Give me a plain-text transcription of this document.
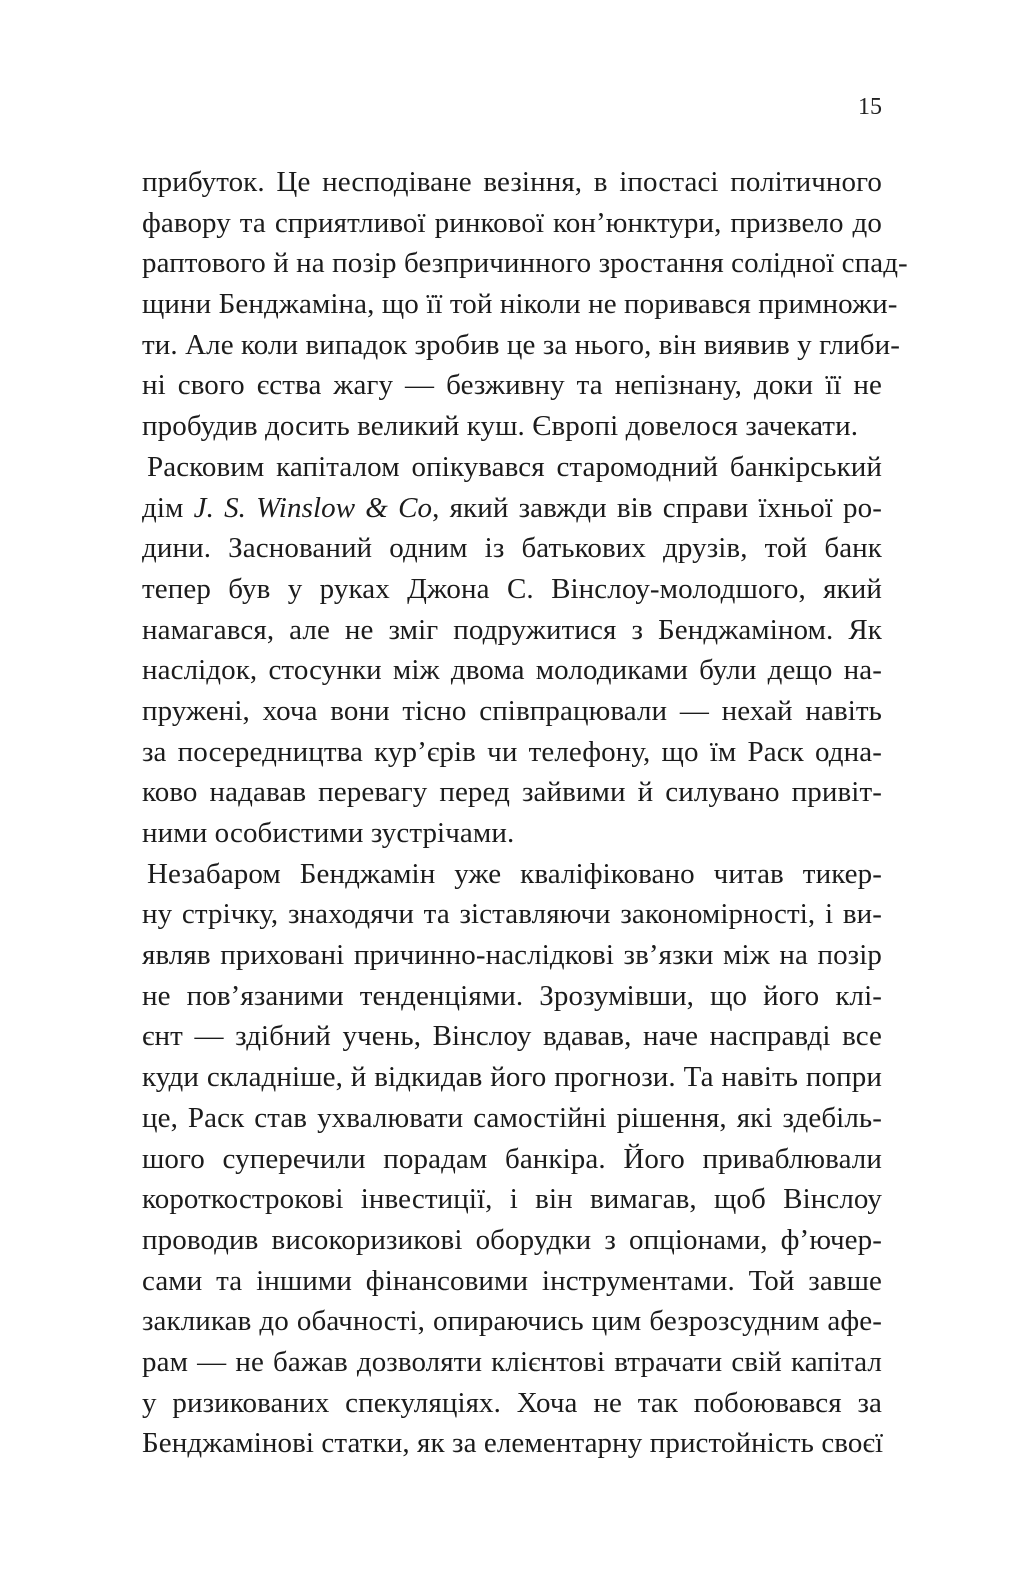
15
прибуток. Це несподіване везіння, в іпостасі політичного
фавору та сприятливої ринкової кон’юнктури, призвело до
раптового й на позір безпричинного зростання солідної спад-
щини Бенджаміна, що її той ніколи не поривався примножи-
ти. Але коли випадок зробив це за нього, він виявив у глиби-
ні свого єства жагу — безживну та непізнану, доки її не
пробудив досить великий куш. Європі довелося зачекати.
Расковим капіталом опікувався старомодний банкірський
дім J. S. Winslow & Co, який завжди вів справи їхньої ро-
дини. Заснований одним із батькових друзів, той банк
тепер був у руках Джона С. Вінслоу-молодшого, який
намагався, але не зміг подружитися з Бенджаміном. Як
наслідок, стосунки між двома молодиками були дещо на-
пружені, хоча вони тісно співпрацювали — нехай навіть
за посередництва кур’єрів чи телефону, що їм Раск одна-
ково надавав перевагу перед зайвими й силувано привіт-
ними особистими зустрічами.
Незабаром Бенджамін уже кваліфіковано читав тикер-
ну стрічку, знаходячи та зіставляючи закономірності, і ви-
являв приховані причинно-наслідкові зв’язки між на позір
не пов’язаними тенденціями. Зрозумівши, що його клі-
єнт — здібний учень, Вінслоу вдавав, наче насправді все
куди складніше, й відкидав його прогнози. Та навіть попри
це, Раск став ухвалювати самостійні рішення, які здебіль-
шого суперечили порадам банкіра. Його приваблювали
короткострокові інвестиції, і він вимагав, щоб Вінслоу
проводив високоризикові оборудки з опціонами, ф’ючер-
сами та іншими фінансовими інструментами. Той завше
закликав до обачності, опираючись цим безрозсудним афе-
рам — не бажав дозволяти клієнтові втрачати свій капітал
у ризикованих спекуляціях. Хоча не так побоювався за
Бенджамінові статки, як за елементарну пристойність своєї
